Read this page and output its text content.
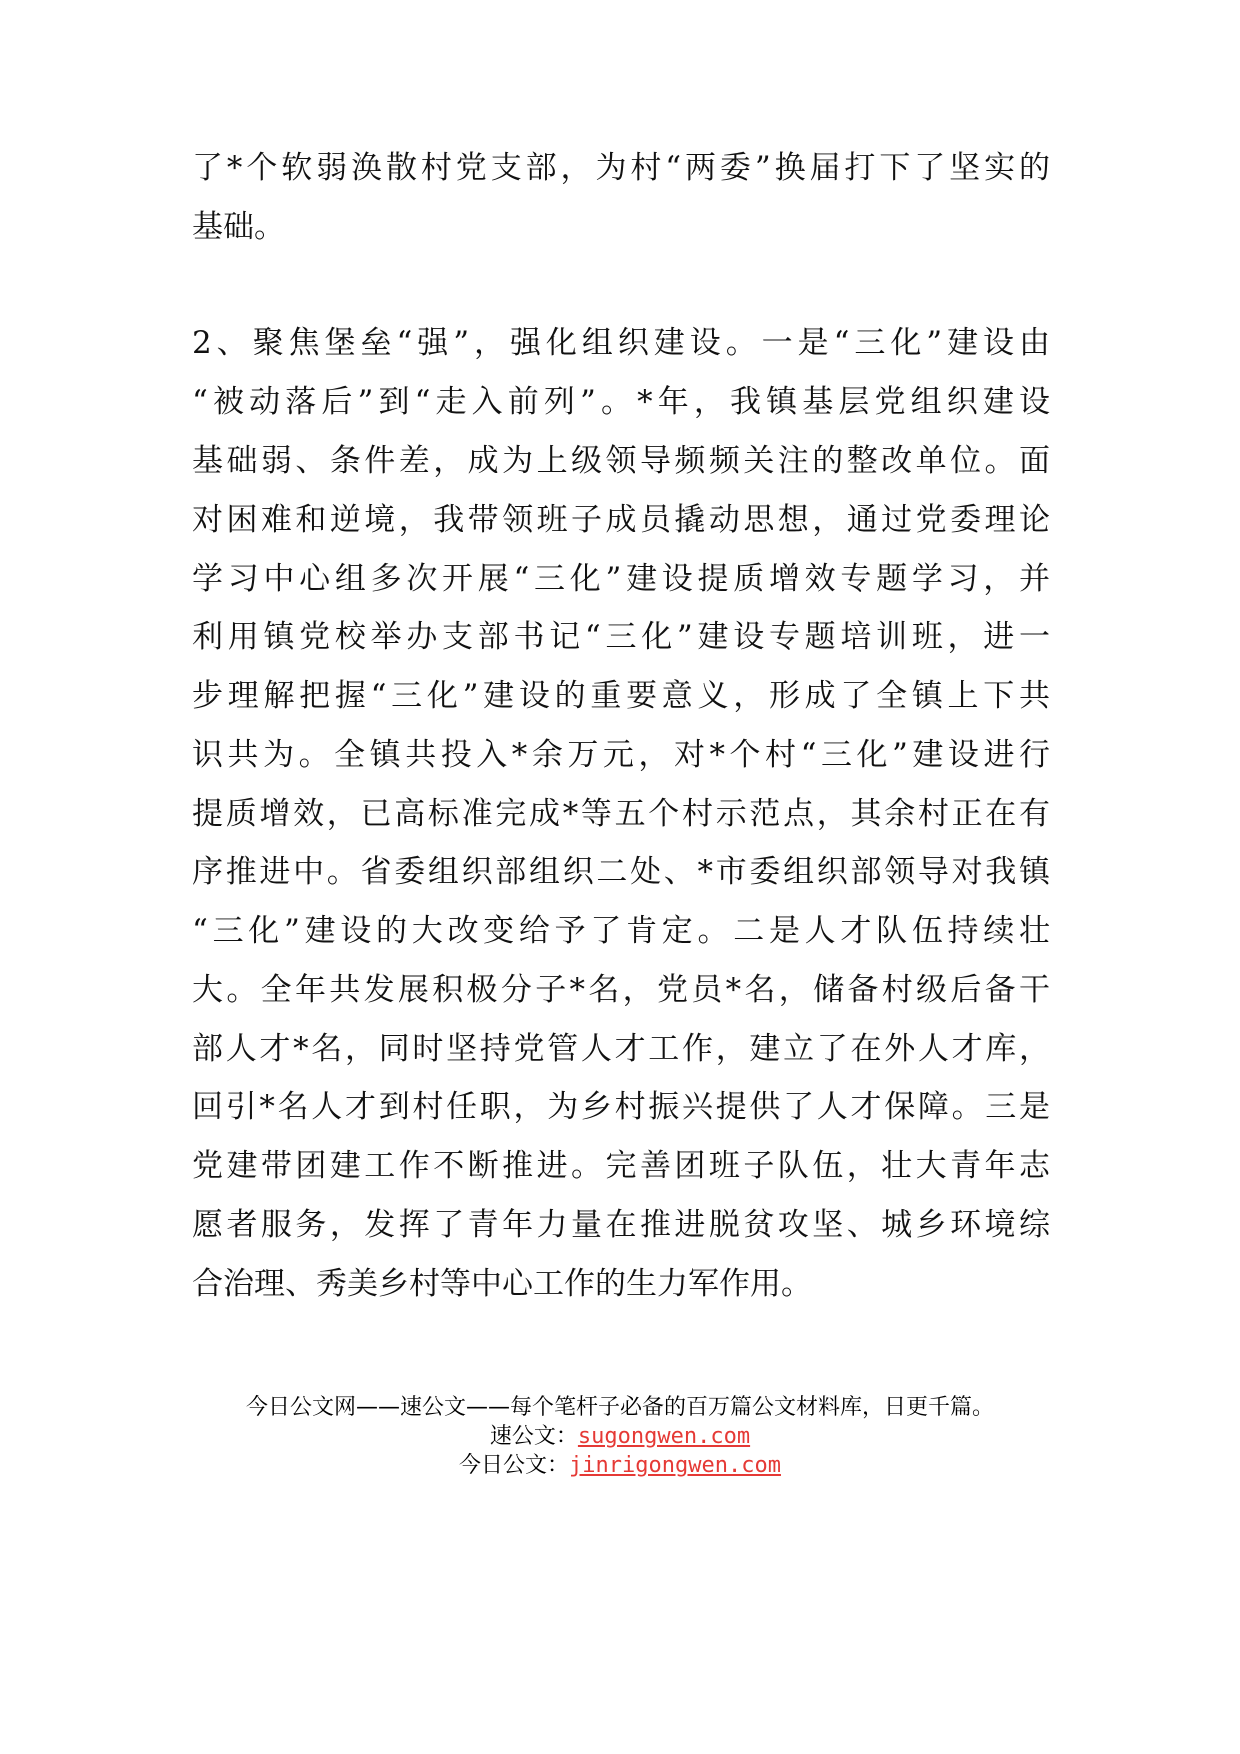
了*个软弱涣散村党支部，为村“两委”换届打下了坚实的
基础。
2、聚焦堡垒“强”，强化组织建设。一是“三化”建设由
“被动落后”到“走入前列”。*年，我镇基层党组织建设
基础弱、条件差，成为上级领导频频关注的整改单位。面
对困难和逆境，我带领班子成员撬动思想，通过党委理论
学习中心组多次开展“三化”建设提质增效专题学习，并
利用镇党校举办支部书记“三化”建设专题培训班，进一
步理解把握“三化”建设的重要意义，形成了全镇上下共
识共为。全镇共投入*余万元，对*个村“三化”建设进行
提质增效，已高标准完成*等五个村示范点，其余村正在有
序推进中。省委组织部组织二处、*市委组织部领导对我镇
“三化”建设的大改变给予了肯定。二是人才队伍持续壮
大。全年共发展积极分子*名，党员*名，储备村级后备干
部人才*名，同时坚持党管人才工作，建立了在外人才库，
回引*名人才到村任职，为乡村振兴提供了人才保障。三是
党建带团建工作不断推进。完善团班子队伍，壮大青年志
愿者服务，发挥了青年力量在推进脱贫攻坚、城乡环境综
合治理、秀美乡村等中心工作的生力军作用。
今日公文网——速公文——每个笔杆子必备的百万篇公文材料库，日更千篇。
速公文：sugongwen.com
今日公文：jinrigongwen.com
